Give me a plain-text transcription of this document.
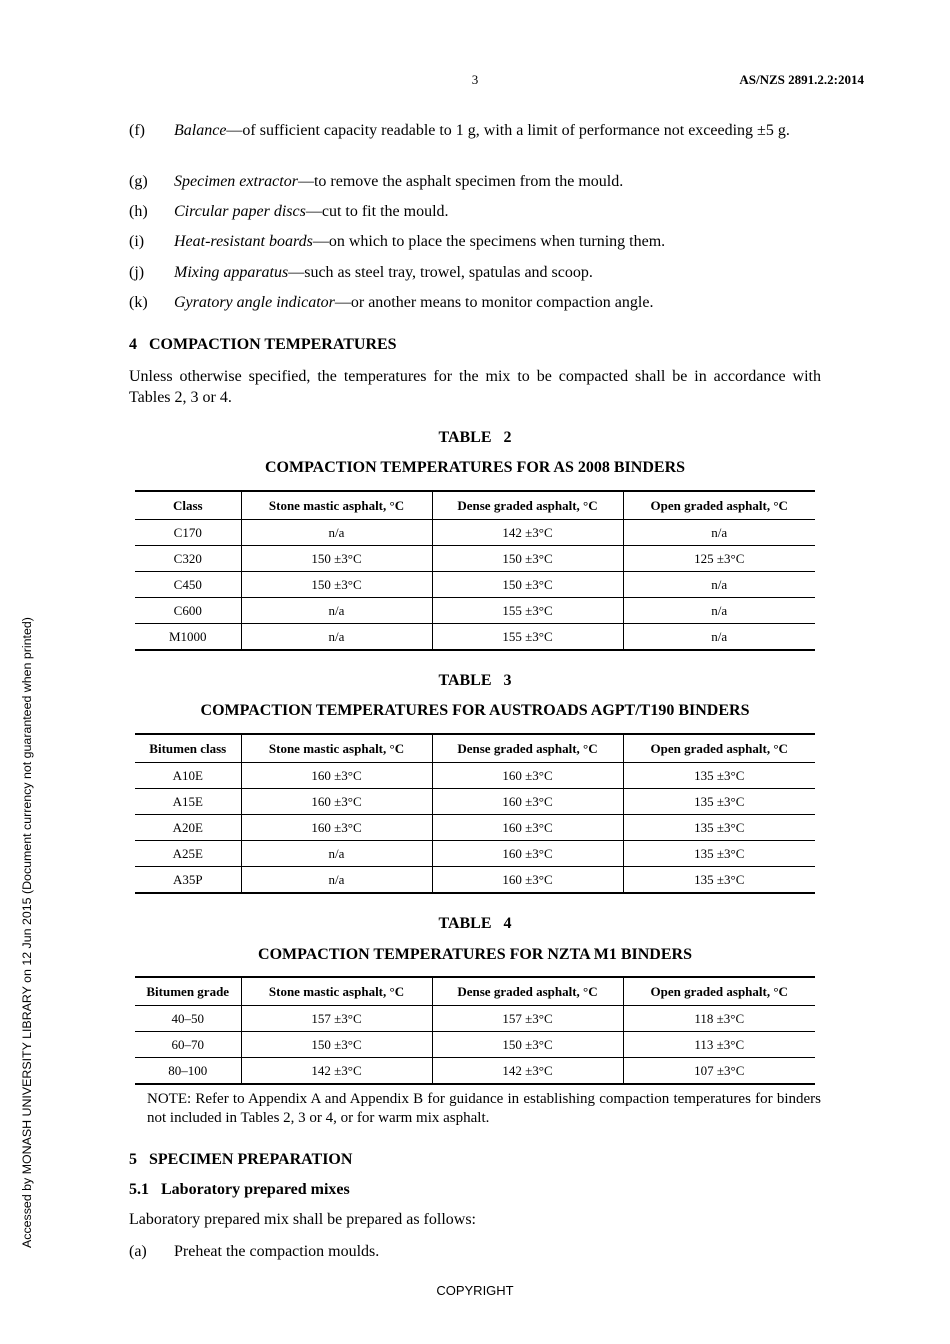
3	AS/NZS 2891.2.2:2014
Accessed by MONASH UNIVERSITY LIBRARY on 12 Jun 2015 (Document currency not guaranteed when printed)
(f) Balance—of sufficient capacity readable to 1 g, with a limit of performance not exceeding ±5 g.
(g) Specimen extractor—to remove the asphalt specimen from the mould.
(h) Circular paper discs—cut to fit the mould.
(i) Heat-resistant boards—on which to place the specimens when turning them.
(j) Mixing apparatus—such as steel tray, trowel, spatulas and scoop.
(k) Gyratory angle indicator—or another means to monitor compaction angle.
4   COMPACTION TEMPERATURES
Unless otherwise specified, the temperatures for the mix to be compacted shall be in accordance with Tables 2, 3 or 4.
TABLE   2
COMPACTION TEMPERATURES FOR AS 2008 BINDERS
Class	Stone mastic asphalt, °C	Dense graded asphalt, °C	Open graded asphalt, °C
C170	n/a	142 ±3°C	n/a
C320	150 ±3°C	150 ±3°C	125 ±3°C
C450	150 ±3°C	150 ±3°C	n/a
C600	n/a	155 ±3°C	n/a
M1000	n/a	155 ±3°C	n/a
TABLE   3
COMPACTION TEMPERATURES FOR AUSTROADS AGPT/T190 BINDERS
Bitumen class	Stone mastic asphalt, °C	Dense graded asphalt, °C	Open graded asphalt, °C
A10E	160 ±3°C	160 ±3°C	135 ±3°C
A15E	160 ±3°C	160 ±3°C	135 ±3°C
A20E	160 ±3°C	160 ±3°C	135 ±3°C
A25E	n/a	160 ±3°C	135 ±3°C
A35P	n/a	160 ±3°C	135 ±3°C
TABLE   4
COMPACTION TEMPERATURES FOR NZTA M1 BINDERS
Bitumen grade	Stone mastic asphalt, °C	Dense graded asphalt, °C	Open graded asphalt, °C
40–50	157 ±3°C	157 ±3°C	118 ±3°C
60–70	150 ±3°C	150 ±3°C	113 ±3°C
80–100	142 ±3°C	142 ±3°C	107 ±3°C
NOTE: Refer to Appendix A and Appendix B for guidance in establishing compaction temperatures for binders not included in Tables 2, 3 or 4, or for warm mix asphalt.
5   SPECIMEN PREPARATION
5.1   Laboratory prepared mixes
Laboratory prepared mix shall be prepared as follows:
(a) Preheat the compaction moulds.
COPYRIGHT
